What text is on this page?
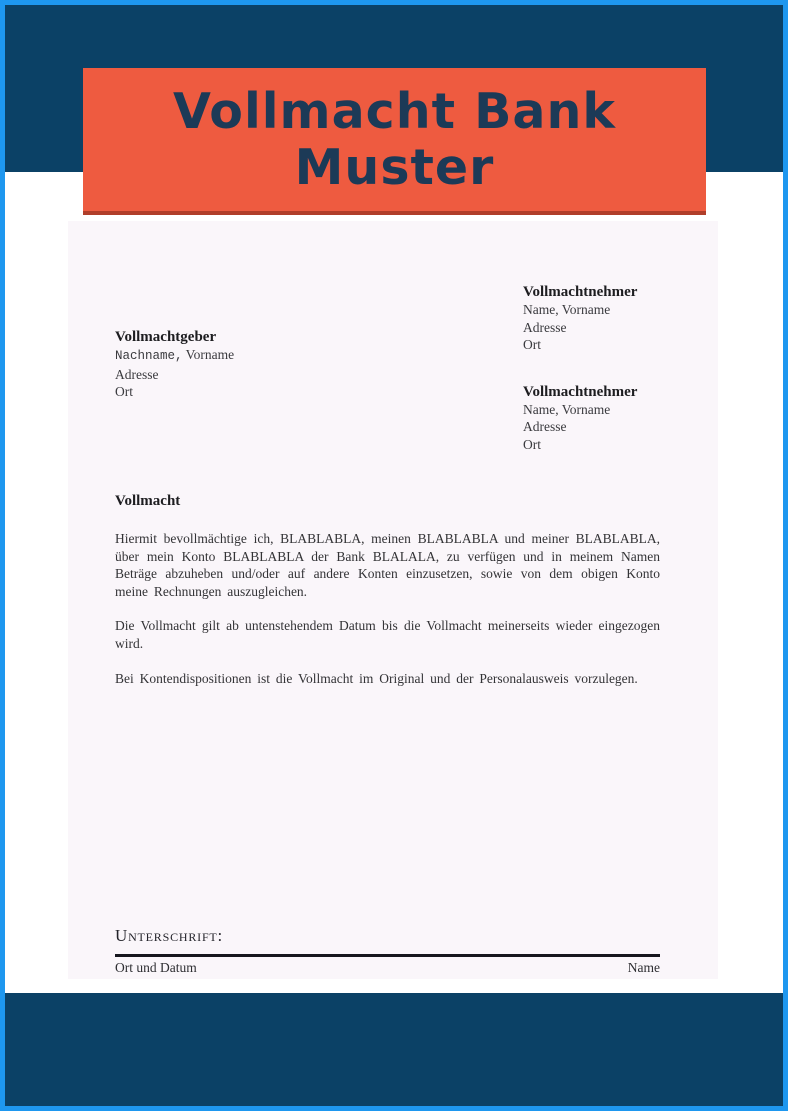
Vollmacht Bank
Muster
Vollmachtgeber
Nachname, Vorname
Adresse
Ort
Vollmachtnehmer
Name, Vorname
Adresse
Ort
Vollmachtnehmer
Name, Vorname
Adresse
Ort
Vollmacht

Hiermit bevollmächtige ich, BLABLABLA, meinen BLABLABLA und meiner BLABLABLA, über mein Konto BLABLABLA der Bank BLALALA, zu verfügen und in meinem Namen Beträge abzuheben und/oder auf andere Konten einzusetzen, sowie von dem obigen Konto meine Rechnungen auszugleichen.

Die Vollmacht gilt ab untenstehendem Datum bis die Vollmacht meinerseits wieder eingezogen wird.

Bei Kontendispositionen ist die Vollmacht im Original und der Personalausweis vorzulegen.

Unterschrift:
Ort und Datum	Name
